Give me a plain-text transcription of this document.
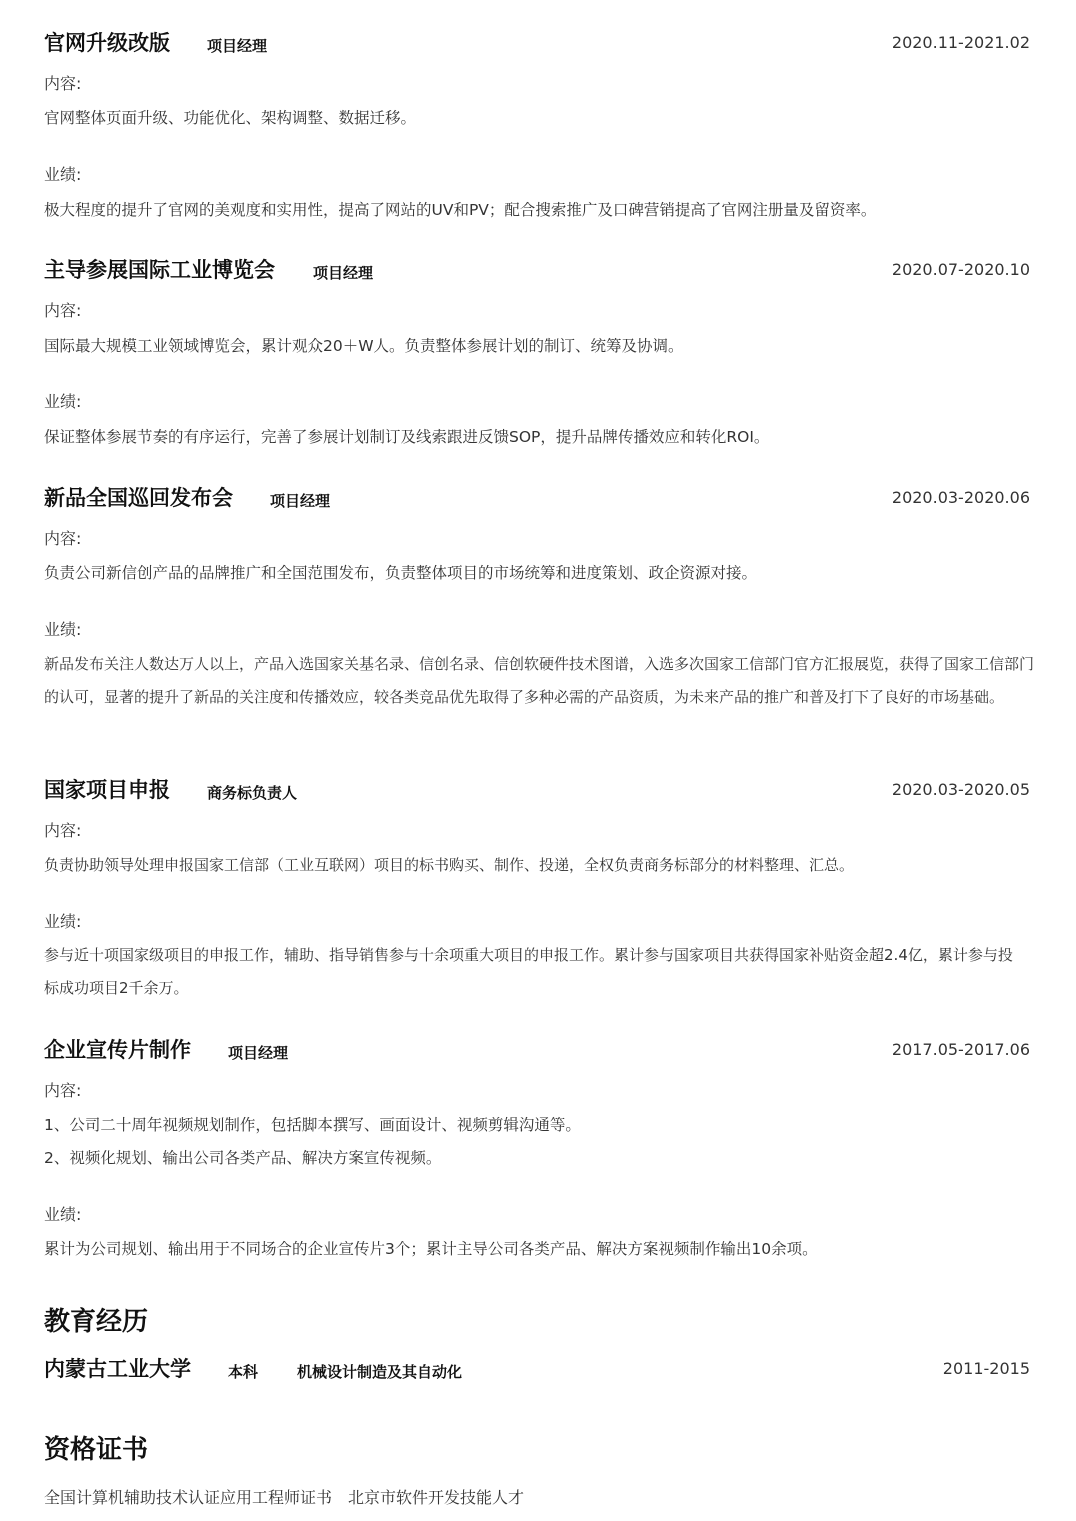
官网升级改版 项目经理	2020.11-2021.02
内容:
官网整体页面升级、功能优化、架构调整、数据迁移。
业绩:
极大程度的提升了官网的美观度和实用性，提高了网站的UV和PV；配合搜索推广及口碑营销提高了官网注册量及留资率。
主导参展国际工业博览会	项目经理	2020.07-2020.10
内容:
国际最大规模工业领域博览会，累计观众20＋W人。负责整体参展计划的制订、统筹及协调。
业绩:
保证整体参展节奏的有序运行，完善了参展计划制订及线索跟进反馈SOP，提升品牌传播效应和转化ROI。
新品全国巡回发布会 项目经理	2020.03-2020.06
内容:
负责公司新信创产品的品牌推广和全国范围发布，负责整体项目的市场统筹和进度策划、政企资源对接。
业绩:
新品发布关注人数达万人以上，产品入选国家关基名录、信创名录、信创软硬件技术图谱，入选多次国家工信部门官方汇报展览，获得了国家工信部门的认可，显著的提升了新品的关注度和传播效应，较各类竞品优先取得了多种必需的产品资质，为未来产品的推广和普及打下了良好的市场基础。
国家项目申报 商务标负责人	2020.03-2020.05
内容:
负责协助领导处理申报国家工信部（工业互联网）项目的标书购买、制作、投递，全权负责商务标部分的材料整理、汇总。
业绩:
参与近十项国家级项目的申报工作，辅助、指导销售参与十余项重大项目的申报工作。累计参与国家项目共获得国家补贴资金超2.4亿，累计参与投标成功项目2千余万。
企业宣传片制作 项目经理	2017.05-2017.06
内容:
1、公司二十周年视频规划制作，包括脚本撰写、画面设计、视频剪辑沟通等。
2、视频化规划、输出公司各类产品、解决方案宣传视频。
业绩:
累计为公司规划、输出用于不同场合的企业宣传片3个；累计主导公司各类产品、解决方案视频制作输出10余项。
教育经历
内蒙古工业大学 本科	机械设计制造及其自动化	2011-2015
资格证书
全国计算机辅助技术认证应用工程师证书　北京市软件开发技能人才
